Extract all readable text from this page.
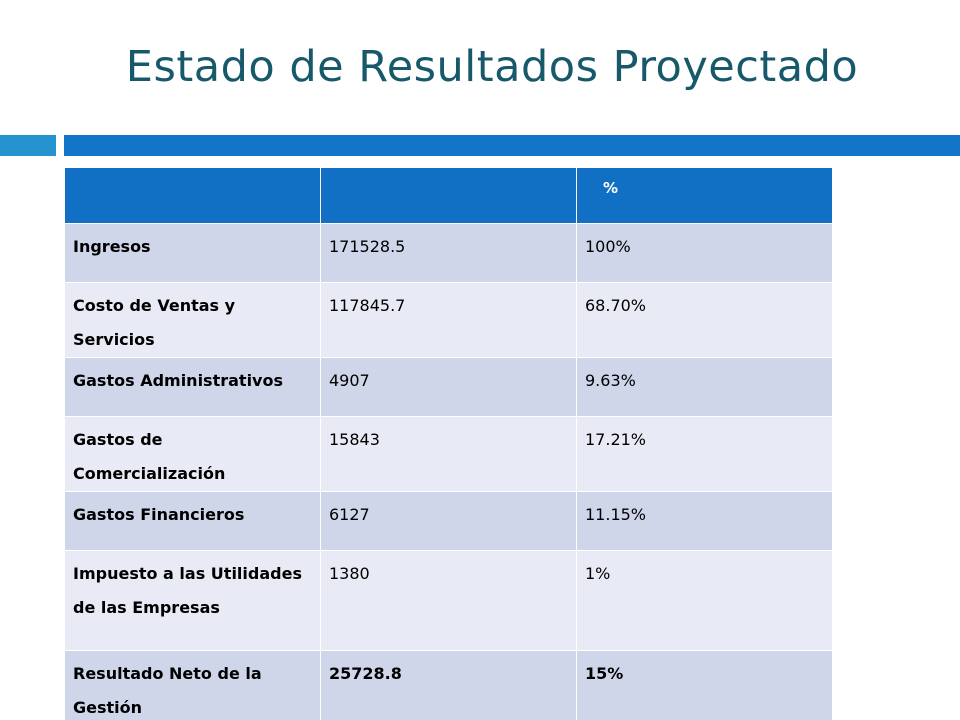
Estado de Resultados Proyectado
		%
Ingresos	171528.5	100%
Costo de Ventas y Servicios	117845.7	68.70%
Gastos Administrativos	4907	9.63%
Gastos de Comercialización	15843	17.21%
Gastos Financieros	6127	11.15%
Impuesto a las Utilidades de las Empresas	1380	1%
Resultado Neto de la Gestión	25728.8	15%
